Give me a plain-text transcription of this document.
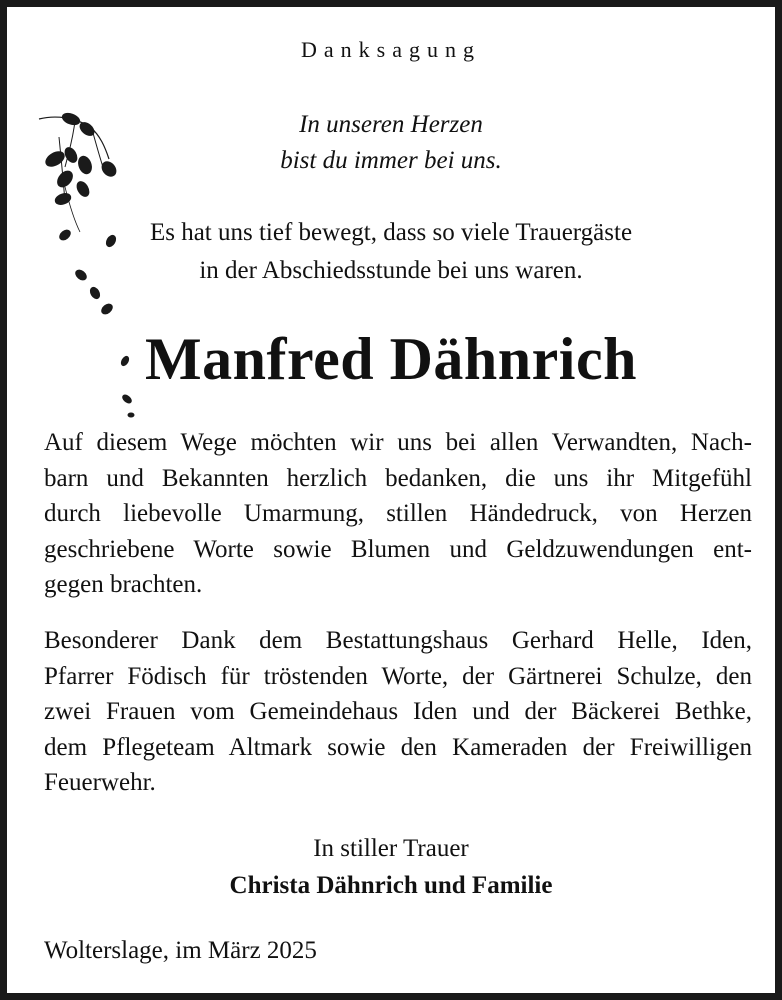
Danksagung
In unseren Herzen
bist du immer bei uns.
Es hat uns tief bewegt, dass so viele Trauergäste
in der Abschiedsstunde bei uns waren.
Manfred Dähnrich
Auf diesem Wege möchten wir uns bei allen Verwandten, Nach-
barn und Bekannten herzlich bedanken, die uns ihr Mitgefühl
durch liebevolle Umarmung, stillen Händedruck, von Herzen
geschriebene Worte sowie Blumen und Geldzuwendungen ent-
gegen brachten.
Besonderer Dank dem Bestattungshaus Gerhard Helle, Iden,
Pfarrer Födisch für tröstenden Worte, der Gärtnerei Schulze, den
zwei Frauen vom Gemeindehaus Iden und der Bäckerei Bethke,
dem Pflegeteam Altmark sowie den Kameraden der Freiwilligen
Feuerwehr.
In stiller Trauer
Christa Dähnrich und Familie
Wolterslage, im März 2025
